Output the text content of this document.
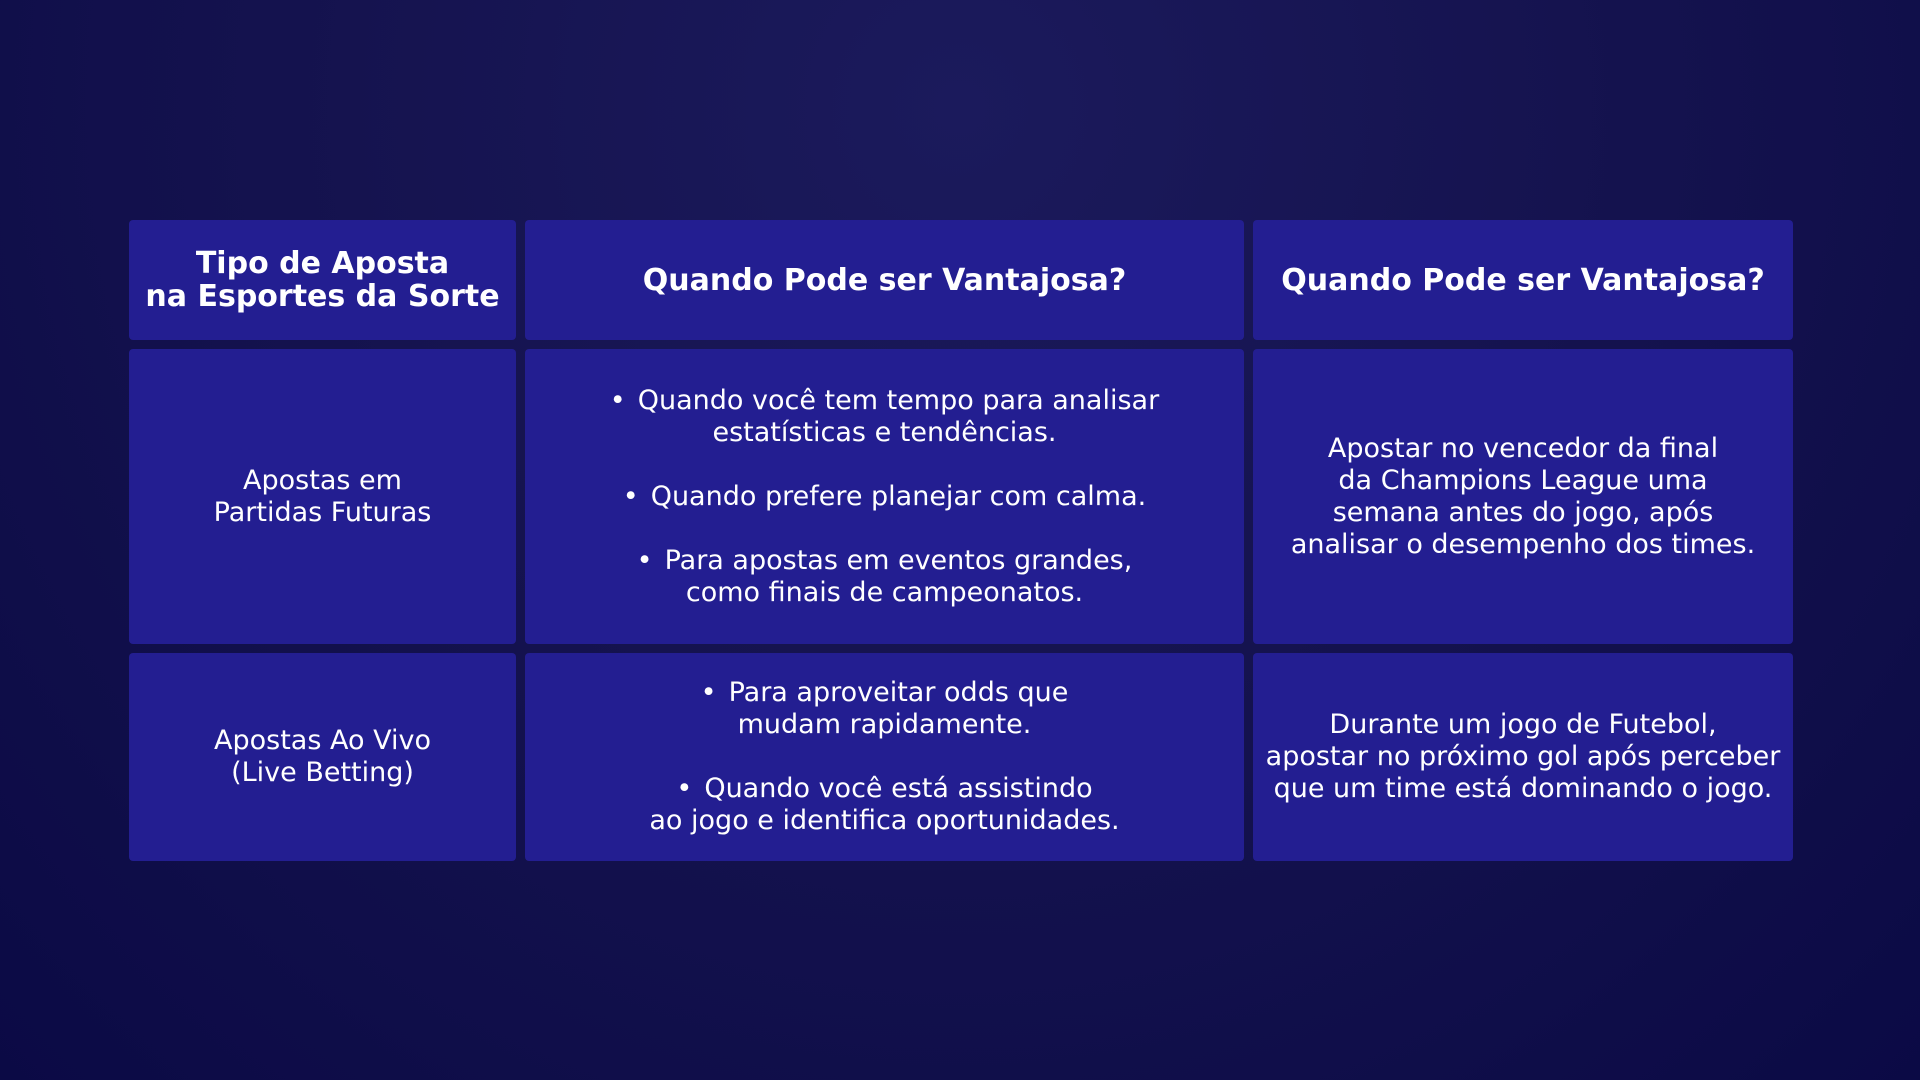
Tipo de Aposta
na Esportes da Sorte	Quando Pode ser Vantajosa?	Quando Pode ser Vantajosa?
Apostas em
Partidas Futuras
• Quando você tem tempo para analisar
estatísticas e tendências.
• Quando prefere planejar com calma.
• Para apostas em eventos grandes,
como finais de campeonatos.
Apostar no vencedor da final
da Champions League uma
semana antes do jogo, após
analisar o desempenho dos times.
Apostas Ao Vivo
(Live Betting)
• Para aproveitar odds que
mudam rapidamente.
• Quando você está assistindo
ao jogo e identifica oportunidades.
Durante um jogo de Futebol,
apostar no próximo gol após perceber
que um time está dominando o jogo.
